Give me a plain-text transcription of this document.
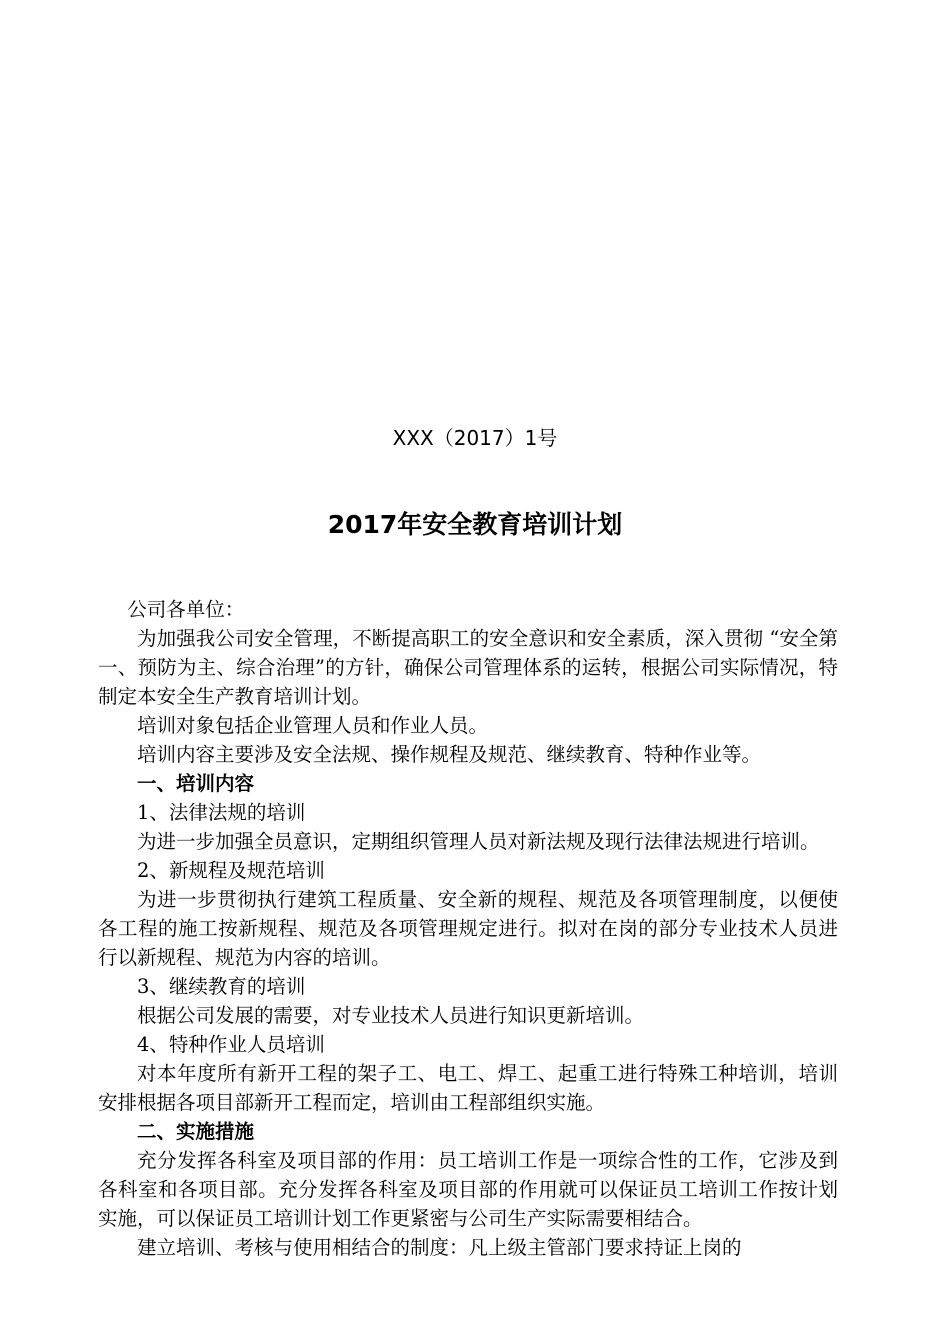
XXX（2017）1号
2017年安全教育培训计划

公司各单位：

为加强我公司安全管理，不断提高职工的安全意识和安全素质，深入贯彻 “安全第一、预防为主、综合治理”的方针，确保公司管理体系的运转，根据公司实际情况，特制定本安全生产教育培训计划。

培训对象包括企业管理人员和作业人员。

培训内容主要涉及安全法规、操作规程及规范、继续教育、特种作业等。

一、培训内容

1、法律法规的培训

为进一步加强全员意识，定期组织管理人员对新法规及现行法律法规进行培训。

2、新规程及规范培训

为进一步贯彻执行建筑工程质量、安全新的规程、规范及各项管理制度，以便使各工程的施工按新规程、规范及各项管理规定进行。拟对在岗的部分专业技术人员进行以新规程、规范为内容的培训。

3、继续教育的培训

根据公司发展的需要，对专业技术人员进行知识更新培训。

4、特种作业人员培训

对本年度所有新开工程的架子工、电工、焊工、起重工进行特殊工种培训，培训安排根据各项目部新开工程而定，培训由工程部组织实施。

二、实施措施

充分发挥各科室及项目部的作用：员工培训工作是一项综合性的工作，它涉及到各科室和各项目部。充分发挥各科室及项目部的作用就可以保证员工培训工作按计划实施，可以保证员工培训计划工作更紧密与公司生产实际需要相结合。

建立培训、考核与使用相结合的制度：凡上级主管部门要求持证上岗的
